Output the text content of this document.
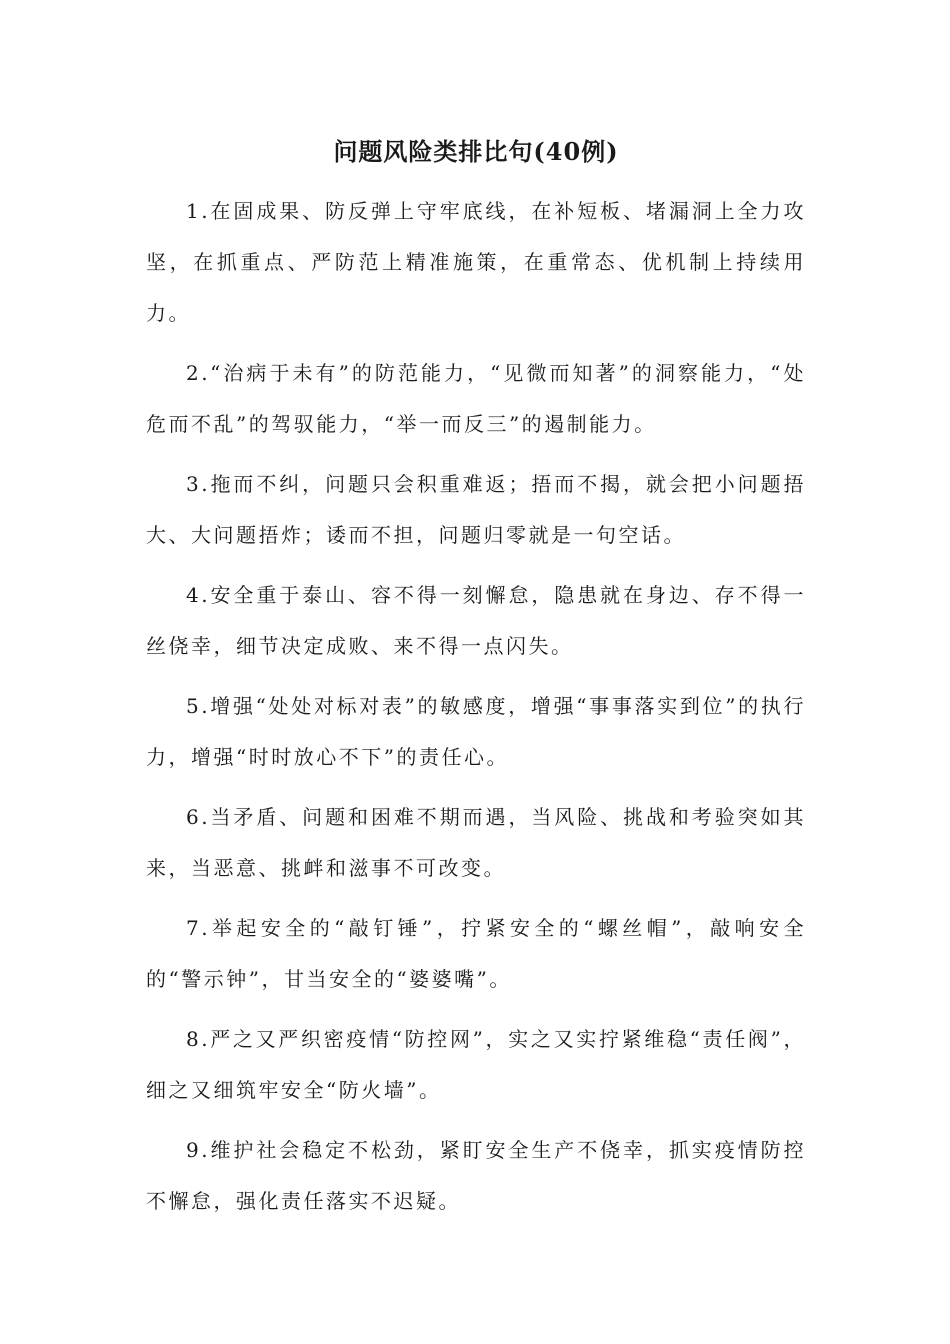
问题风险类排比句(40例)

1.在固成果、防反弹上守牢底线，在补短板、堵漏洞上全力攻坚，在抓重点、严防范上精准施策，在重常态、优机制上持续用力。

2.“治病于未有”的防范能力，“见微而知著”的洞察能力，“处危而不乱”的驾驭能力，“举一而反三”的遏制能力。

3.拖而不纠，问题只会积重难返；捂而不揭，就会把小问题捂大、大问题捂炸；诿而不担，问题归零就是一句空话。

4.安全重于泰山、容不得一刻懈怠，隐患就在身边、存不得一丝侥幸，细节决定成败、来不得一点闪失。

5.增强“处处对标对表”的敏感度，增强“事事落实到位”的执行力，增强“时时放心不下”的责任心。

6.当矛盾、问题和困难不期而遇，当风险、挑战和考验突如其来，当恶意、挑衅和滋事不可改变。

7.举起安全的“敲钉锤”，拧紧安全的“螺丝帽”，敲响安全的“警示钟”，甘当安全的“婆婆嘴”。

8.严之又严织密疫情“防控网”，实之又实拧紧维稳“责任阀”，细之又细筑牢安全“防火墙”。

9.维护社会稳定不松劲，紧盯安全生产不侥幸，抓实疫情防控不懈怠，强化责任落实不迟疑。
